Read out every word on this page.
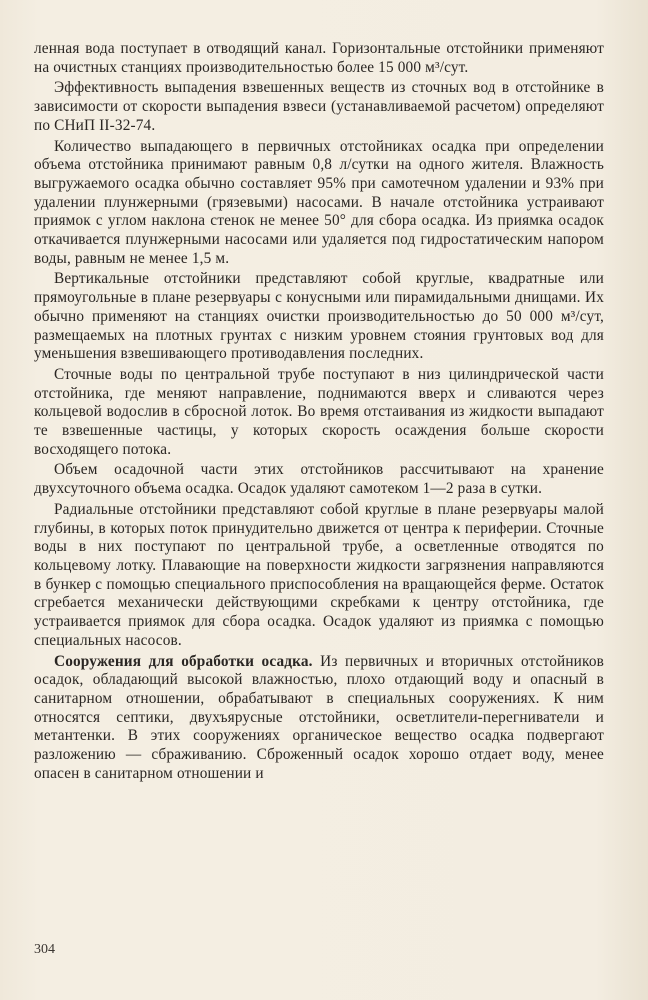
ленная вода поступает в отводящий канал. Горизонтальные отстойники применяют на очистных станциях производительностью более 15 000 м³/сут.

Эффективность выпадения взвешенных веществ из сточных вод в отстойнике в зависимости от скорости выпадения взвеси (устанавливаемой расчетом) определяют по СНиП II-32-74.

Количество выпадающего в первичных отстойниках осадка при определении объема отстойника принимают равным 0,8 л/сутки на одного жителя. Влажность выгружаемого осадка обычно составляет 95% при самотечном удалении и 93% при удалении плунжерными (грязевыми) насосами. В начале отстойника устраивают приямок с углом наклона стенок не менее 50° для сбора осадка. Из приямка осадок откачивается плунжерными насосами или удаляется под гидростатическим напором воды, равным не менее 1,5 м.

Вертикальные отстойники представляют собой круглые, квадратные или прямоугольные в плане резервуары с конусными или пирамидальными днищами. Их обычно применяют на станциях очистки производительностью до 50 000 м³/сут, размещаемых на плотных грунтах с низким уровнем стояния грунтовых вод для уменьшения взвешивающего противодавления последних.

Сточные воды по центральной трубе поступают в низ цилиндрической части отстойника, где меняют направление, поднимаются вверх и сливаются через кольцевой водослив в сбросной лоток. Во время отстаивания из жидкости выпадают те взвешенные частицы, у которых скорость осаждения больше скорости восходящего потока.

Объем осадочной части этих отстойников рассчитывают на хранение двухсуточного объема осадка. Осадок удаляют самотеком 1—2 раза в сутки.

Радиальные отстойники представляют собой круглые в плане резервуары малой глубины, в которых поток принудительно движется от центра к периферии. Сточные воды в них поступают по центральной трубе, а осветленные отводятся по кольцевому лотку. Плавающие на поверхности жидкости загрязнения направляются в бункер с помощью специального приспособления на вращающейся ферме. Остаток сгребается механически действующими скребками к центру отстойника, где устраивается приямок для сбора осадка. Осадок удаляют из приямка с помощью специальных насосов.

Сооружения для обработки осадка. Из первичных и вторичных отстойников осадок, обладающий высокой влажностью, плохо отдающий воду и опасный в санитарном отношении, обрабатывают в специальных сооружениях. К ним относятся септики, двухъярусные отстойники, осветлители-перегниватели и метантенки. В этих сооружениях органическое вещество осадка подвергают разложению — сбраживанию. Сброженный осадок хорошо отдает воду, менее опасен в санитарном отношении и

304
